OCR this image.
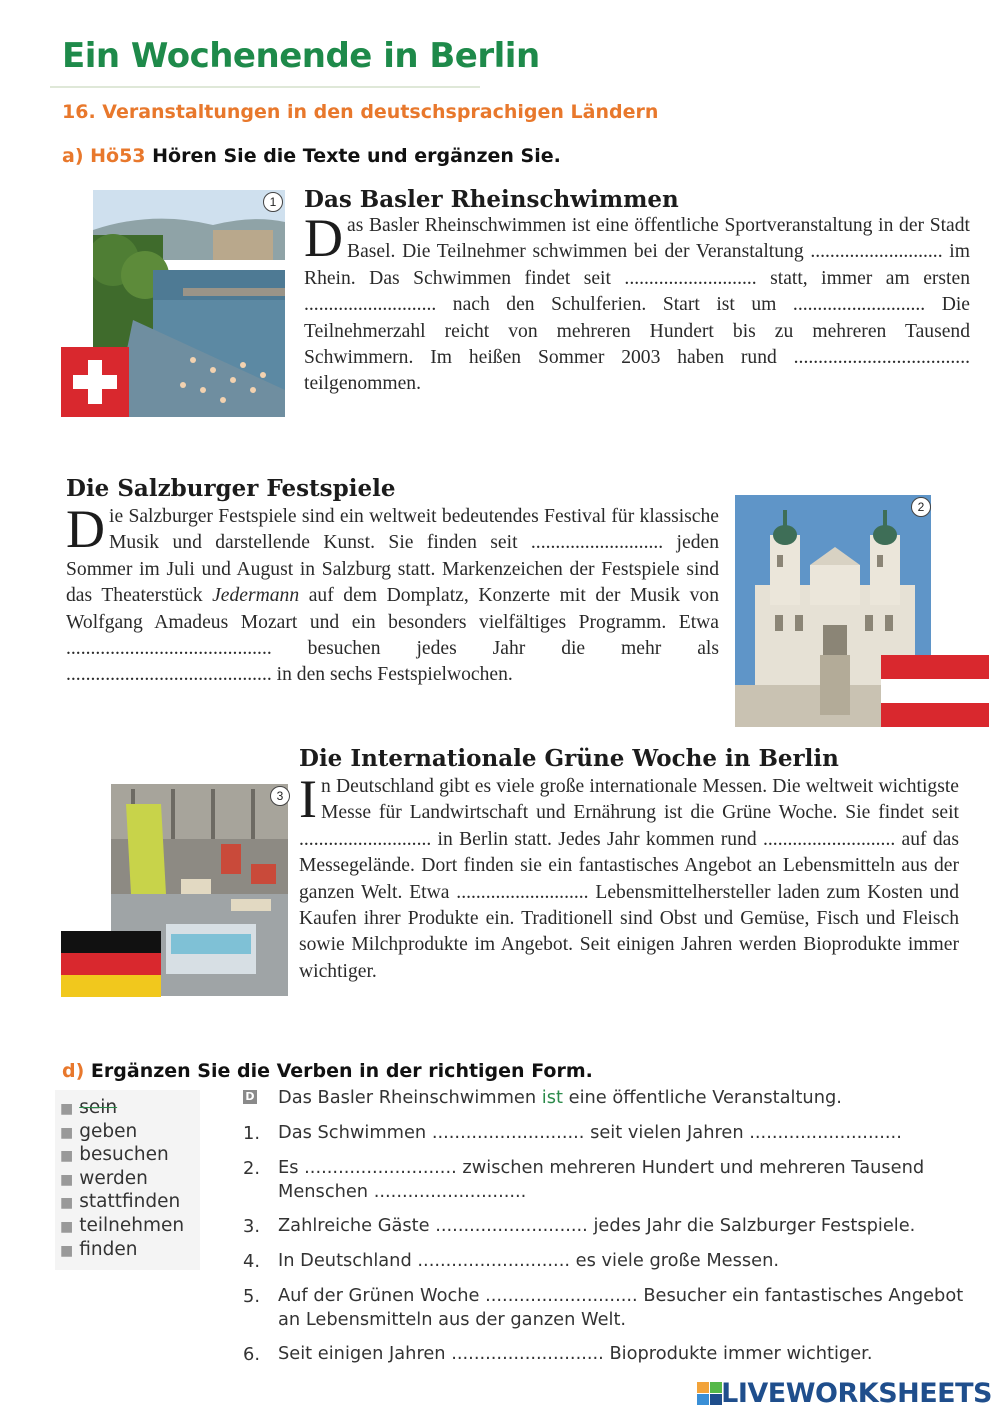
Ein Wochenende in Berlin
16. Veranstaltungen in den deutschsprachigen Ländern
a) Hö53 Hören Sie die Texte und ergänzen Sie.
1 Das Basler Rheinschwimmen
Das Basler Rheinschwimmen ist eine öffentliche Sportveranstaltung in der Stadt Basel. Die Teilnehmer schwimmen bei der Veranstaltung ........................... im Rhein. Das Schwimmen findet seit ........................... statt, immer am ersten ........................... nach den Schulferien. Start ist um ........................... Die Teilnehmerzahl reicht von mehreren Hundert bis zu mehreren Tausend Schwimmern. Im heißen Sommer 2003 haben rund .................................... teilgenommen.
Die Salzburger Festspiele
Die Salzburger Festspiele sind ein weltweit bedeutendes Festival für klassische Musik und darstellende Kunst. Sie finden seit ........................... jeden Sommer im Juli und August in Salzburg statt. Markenzeichen der Festspiele sind das Theaterstück Jedermann auf dem Domplatz, Konzerte mit der Musik von Wolfgang Amadeus Mozart und ein besonders vielfältiges Programm. Etwa .......................................... besuchen jedes Jahr die mehr als .......................................... in den sechs Festspielwochen.
2
Die Internationale Grüne Woche in Berlin
In Deutschland gibt es viele große internationale Messen. Die weltweit wichtigste Messe für Landwirtschaft und Ernährung ist die Grüne Woche. Sie findet seit ........................... in Berlin statt. Jedes Jahr kommen rund ........................... auf das Messegelände. Dort finden sie ein fantastisches Angebot an Lebensmitteln aus der ganzen Welt. Etwa ........................... Lebensmittelhersteller laden zum Kosten und Kaufen ihrer Produkte ein. Traditionell sind Obst und Gemüse, Fisch und Fleisch sowie Milchprodukte im Angebot. Seit einigen Jahren werden Bioprodukte immer wichtiger.
3
d) Ergänzen Sie die Verben in der richtigen Form.
■ sein
■ geben
■ besuchen
■ werden
■ stattfinden
■ teilnehmen
■ finden
D Das Basler Rheinschwimmen ist eine öffentliche Veranstaltung.
1. Das Schwimmen ........................... seit vielen Jahren ...........................
2. Es ........................... zwischen mehreren Hundert und mehreren Tausend Menschen ...........................
3. Zahlreiche Gäste ........................... jedes Jahr die Salzburger Festspiele.
4. In Deutschland ........................... es viele große Messen.
5. Auf der Grünen Woche ........................... Besucher ein fantastisches Angebot an Lebensmitteln aus der ganzen Welt.
6. Seit einigen Jahren ........................... Bioprodukte immer wichtiger.
LIVEWORKSHEETS
